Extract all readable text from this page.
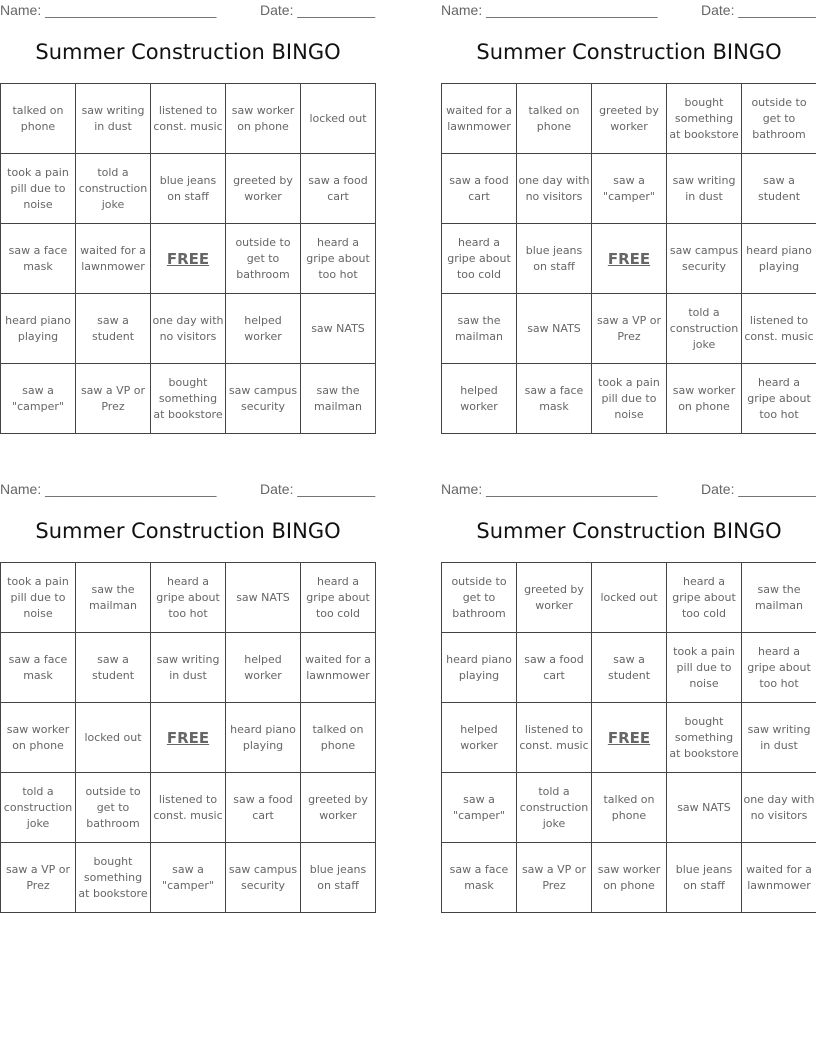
Name: ______________________	Date: __________
Summer Construction BINGO
talked on phone	saw writing in dust	listened to const. music	saw worker on phone	locked out
took a pain pill due to noise	told a construction joke	blue jeans on staff	greeted by worker	saw a food cart
saw a face mask	waited for a lawnmower	FREE	outside to get to bathroom	heard a gripe about too hot
heard piano playing	saw a student	one day with no visitors	helped worker	saw NATS
saw a "camper"	saw a VP or Prez	bought something at bookstore	saw campus security	saw the mailman
Name: ______________________	Date: __________
Summer Construction BINGO
waited for a lawnmower	talked on phone	greeted by worker	bought something at bookstore	outside to get to bathroom
saw a food cart	one day with no visitors	saw a "camper"	saw writing in dust	saw a student
heard a gripe about too cold	blue jeans on staff	FREE	saw campus security	heard piano playing
saw the mailman	saw NATS	saw a VP or Prez	told a construction joke	listened to const. music
helped worker	saw a face mask	took a pain pill due to noise	saw worker on phone	heard a gripe about too hot
Name: ______________________	Date: __________
Summer Construction BINGO
took a pain pill due to noise	saw the mailman	heard a gripe about too hot	saw NATS	heard a gripe about too cold
saw a face mask	saw a student	saw writing in dust	helped worker	waited for a lawnmower
saw worker on phone	locked out	FREE	heard piano playing	talked on phone
told a construction joke	outside to get to bathroom	listened to const. music	saw a food cart	greeted by worker
saw a VP or Prez	bought something at bookstore	saw a "camper"	saw campus security	blue jeans on staff
Name: ______________________	Date: __________
Summer Construction BINGO
outside to get to bathroom	greeted by worker	locked out	heard a gripe about too cold	saw the mailman
heard piano playing	saw a food cart	saw a student	took a pain pill due to noise	heard a gripe about too hot
helped worker	listened to const. music	FREE	bought something at bookstore	saw writing in dust
saw a "camper"	told a construction joke	talked on phone	saw NATS	one day with no visitors
saw a face mask	saw a VP or Prez	saw worker on phone	blue jeans on staff	waited for a lawnmower
